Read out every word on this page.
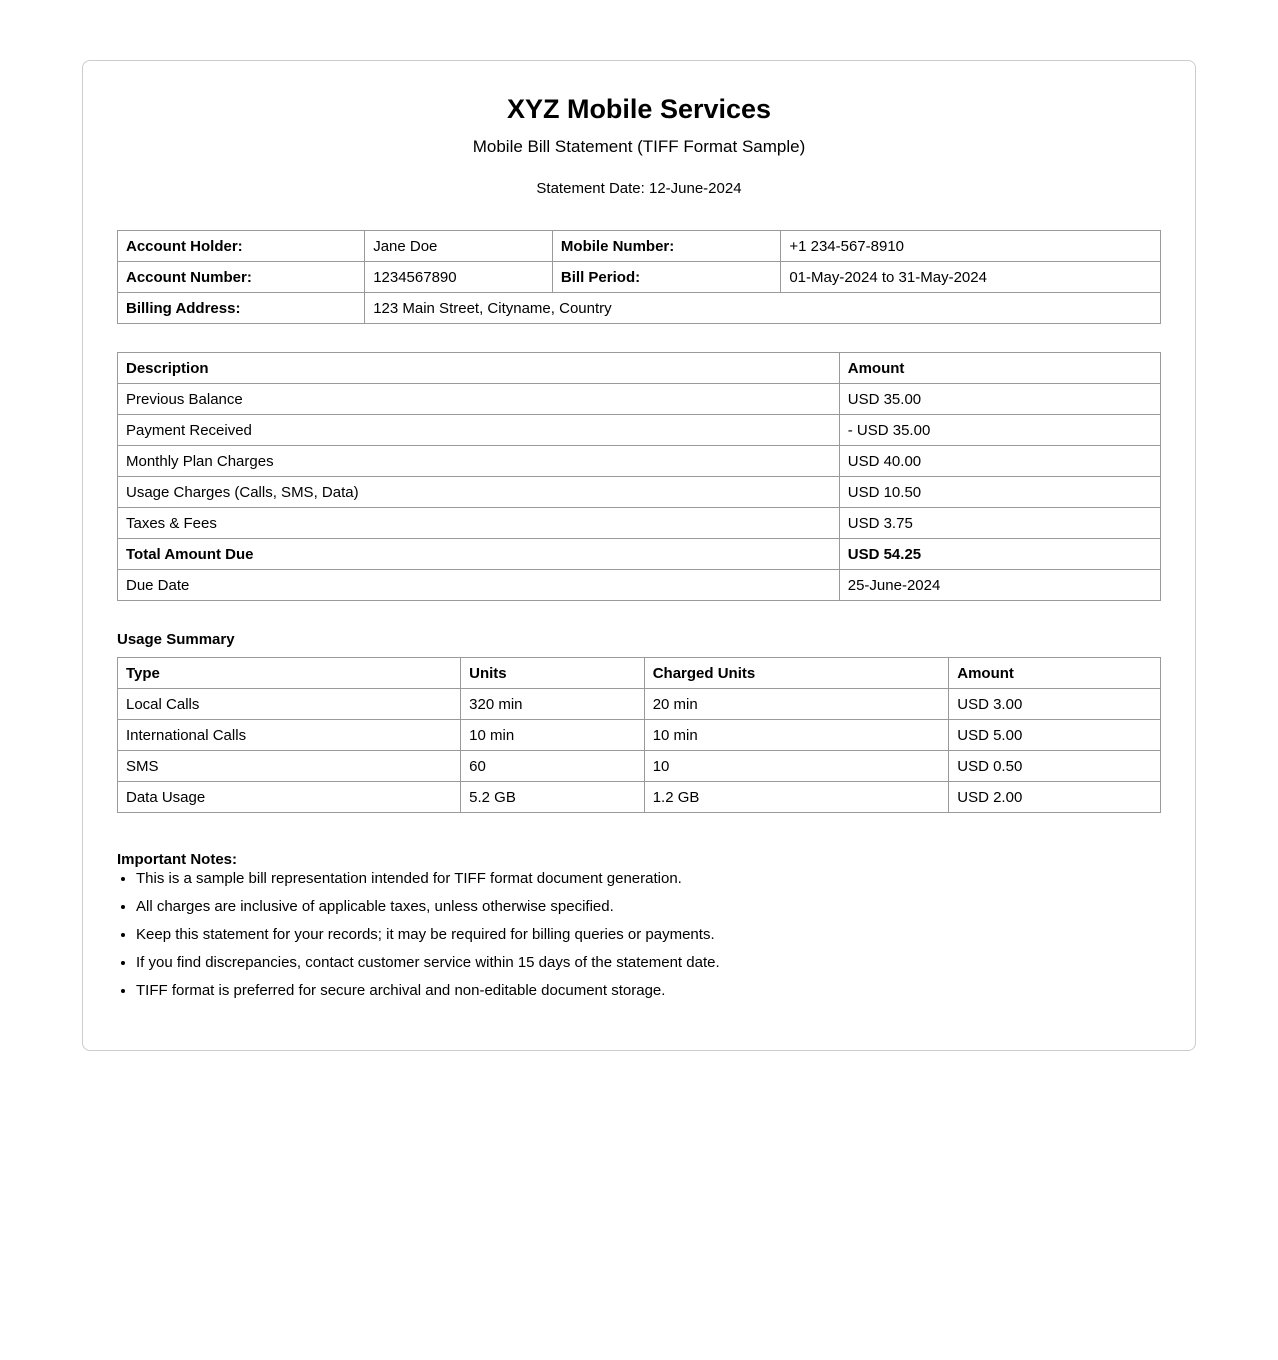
XYZ Mobile Services
Mobile Bill Statement (TIFF Format Sample)
Statement Date: 12-June-2024
Account Holder:	Jane Doe	Mobile Number:	+1 234-567-8910
Account Number:	1234567890	Bill Period:	01-May-2024 to 31-May-2024
Billing Address:	123 Main Street, Cityname, Country		
Description	Amount
Previous Balance	USD 35.00
Payment Received	- USD 35.00
Monthly Plan Charges	USD 40.00
Usage Charges (Calls, SMS, Data)	USD 10.50
Taxes & Fees	USD 3.75
Total Amount Due	USD 54.25
Due Date	25-June-2024
Usage Summary
Type	Units	Charged Units	Amount
Local Calls	320 min	20 min	USD 3.00
International Calls	10 min	10 min	USD 5.00
SMS	60	10	USD 0.50
Data Usage	5.2 GB	1.2 GB	USD 2.00
Important Notes:
• This is a sample bill representation intended for TIFF format document generation.
• All charges are inclusive of applicable taxes, unless otherwise specified.
• Keep this statement for your records; it may be required for billing queries or payments.
• If you find discrepancies, contact customer service within 15 days of the statement date.
• TIFF format is preferred for secure archival and non-editable document storage.
